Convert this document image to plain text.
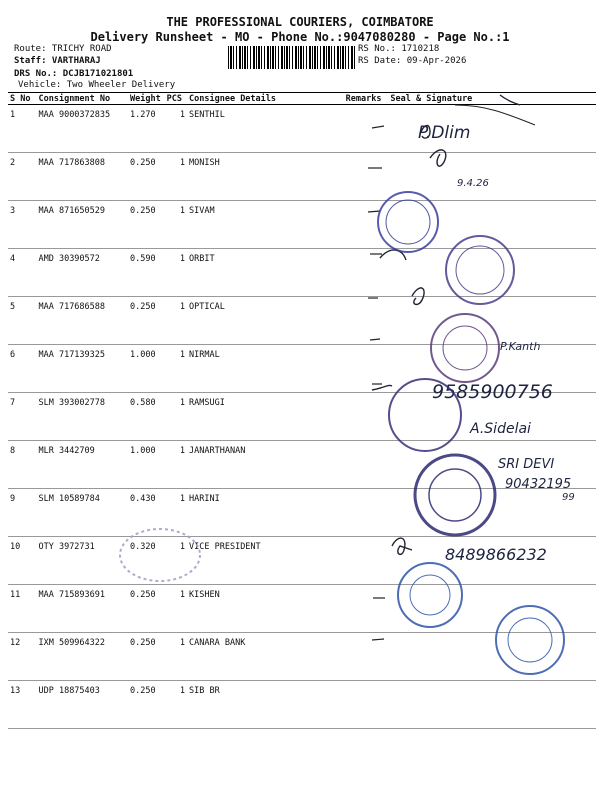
THE PROFESSIONAL COURIERS, COIMBATORE
Delivery Runsheet - MO - Phone No.:9047080280 - Page No.:1
Route: TRICHY ROAD
Staff: VARTHARAJ
DRS No.: DCJB171021801
Vehicle: Two Wheeler Delivery
RS No.: 1710218
RS Date: 09-Apr-2026
S No	Consignment No	Weight	PCS	Consignee Details	Remarks	Seal & Signature
1	MAA 9000372835	1.270	1	SENTHIL		
2	MAA 717863808	0.250	1	MONISH		
3	MAA 871650529	0.250	1	SIVAM		
4	AMD 30390572	0.590	1	ORBIT		
5	MAA 717686588	0.250	1	OPTICAL		
6	MAA 717139325	1.000	1	NIRMAL		
7	SLM 393002778	0.580	1	RAMSUGI		
8	MLR 3442709	1.000	1	JANARTHANAN		
9	SLM 10589784	0.430	1	HARINI		
10	OTY 3972731	0.320	1	VICE PRESIDENT		
11	MAA 715893691	0.250	1	KISHEN		
12	IXM 509964322	0.250	1	CANARA BANK		
13	UDP 18875403	0.250	1	SIB BR		
P.Dlim
9.4.26
P.Kanth
9585900756
A.Sidelai
SRI DEVI
90432195
99
8489866232
